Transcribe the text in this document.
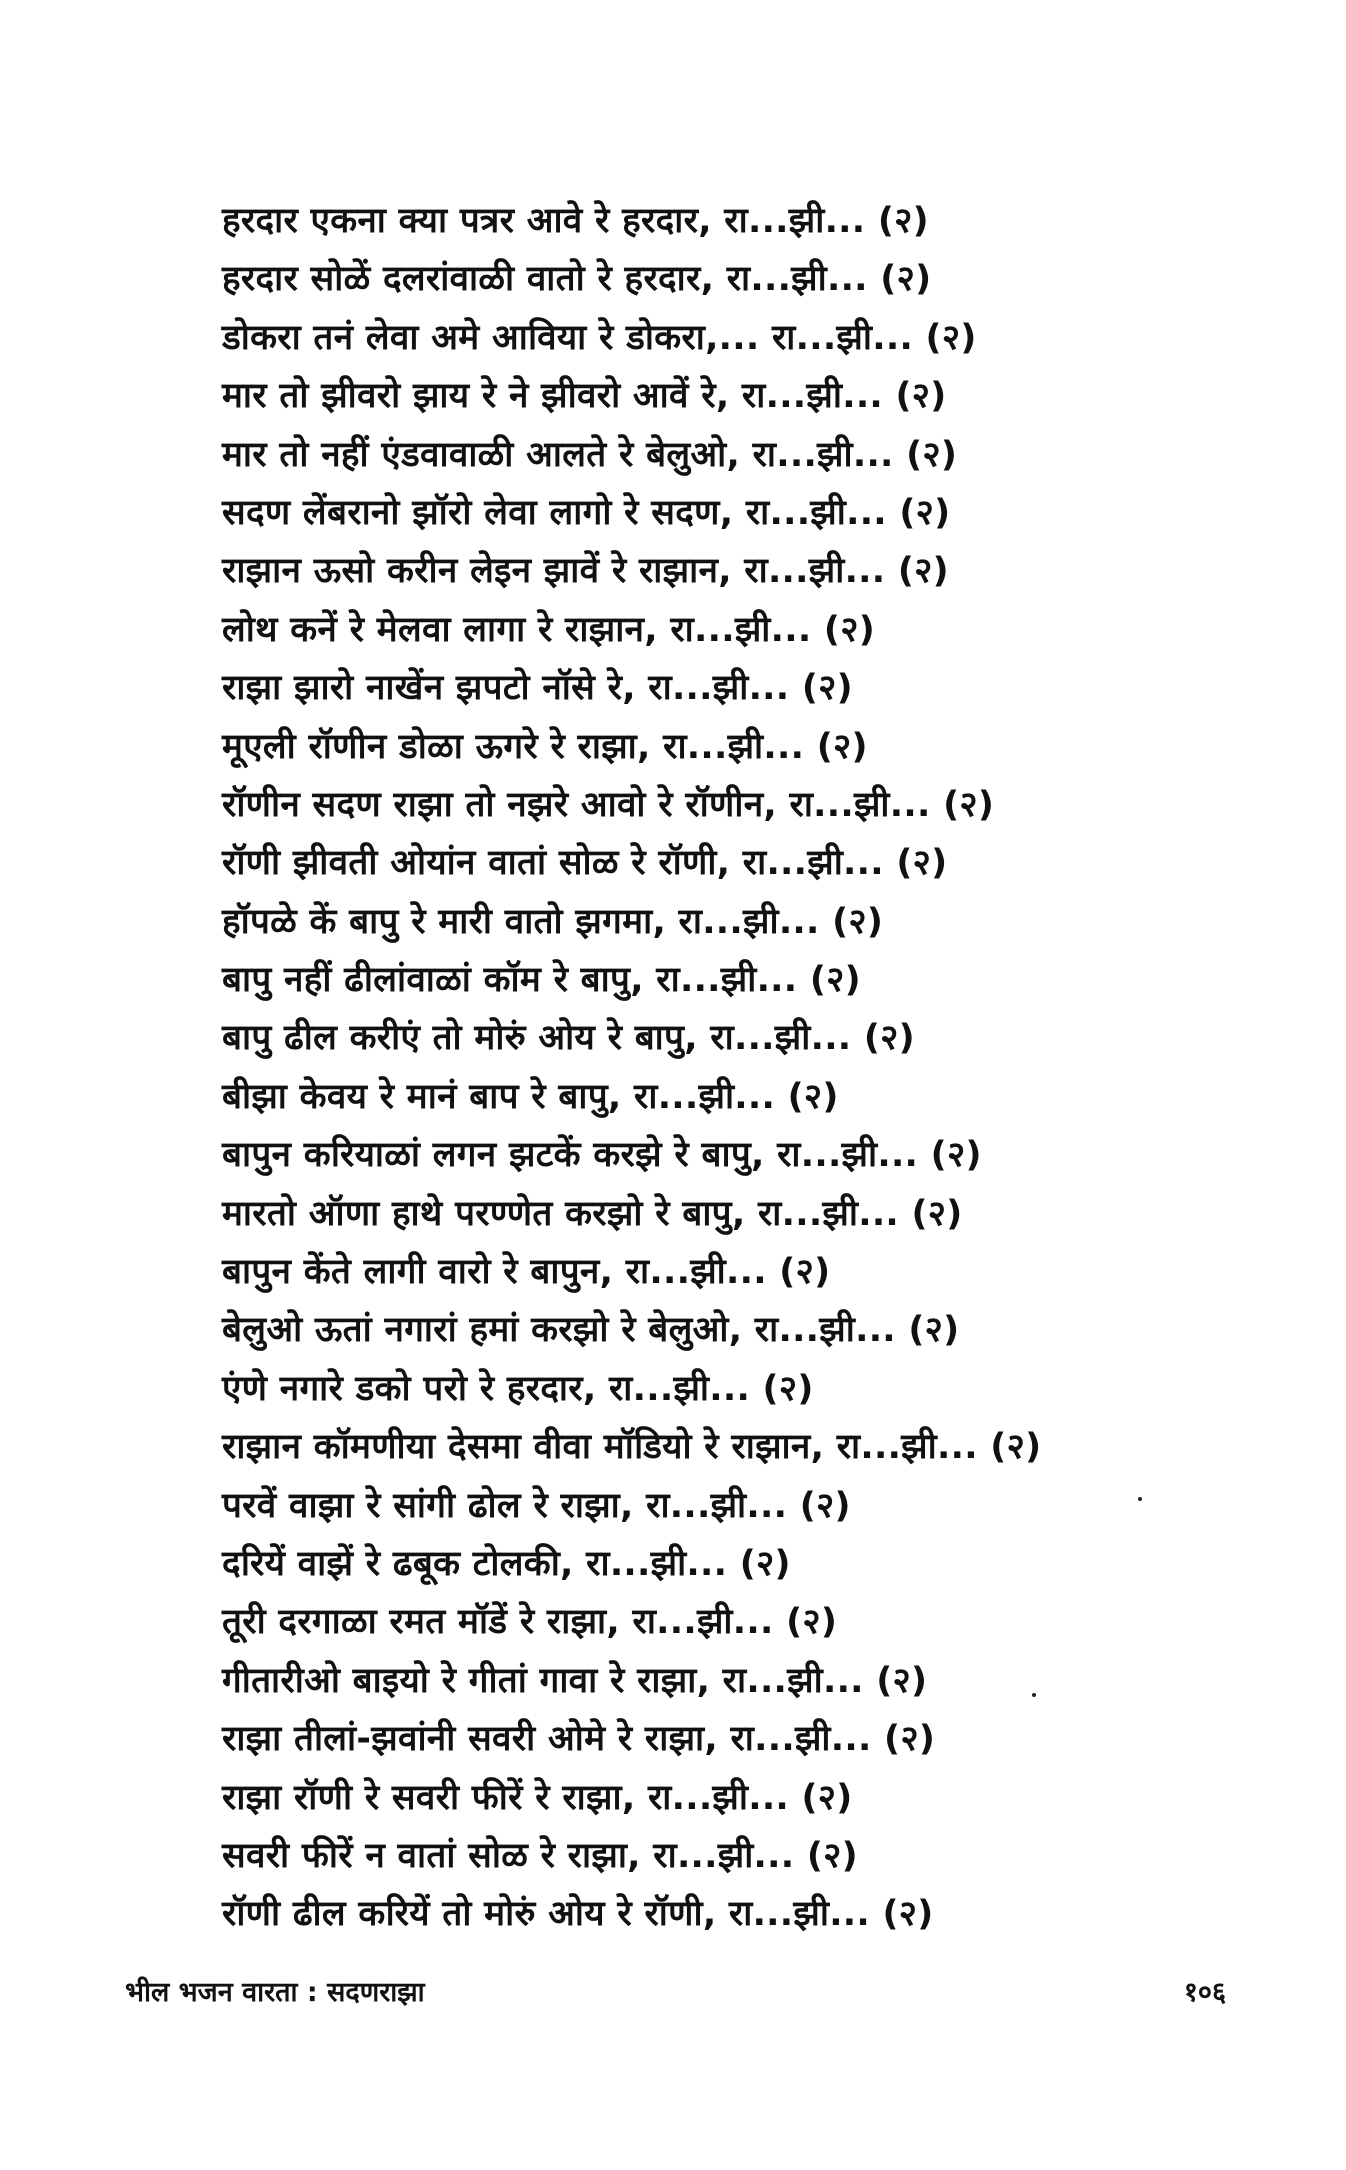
हरदार एकना क्या पत्रर आवे रे हरदार, रा...झी... (२)
हरदार सोळें दलरांवाळी वातो रे हरदार, रा...झी... (२)
डोकरा तनं लेवा अमे आविया रे डोकरा,... रा...झी... (२)
मार तो झीवरो झाय रे ने झीवरो आवें रे, रा...झी... (२)
मार तो नहीं एंडवावाळी आलते रे बेलुओ, रा...झी... (२)
सदण लेंबरानो झॉरो लेवा लागो रे सदण, रा...झी... (२)
राझान ऊसो करीन लेइन झावें रे राझान, रा...झी... (२)
लोथ कनें रे मेलवा लागा रे राझान, रा...झी... (२)
राझा झारो नाखेंन झपटो नॉसे रे, रा...झी... (२)
मूएली रॉणीन डोळा ऊगरे रे राझा, रा...झी... (२)
रॉणीन सदण राझा तो नझरे आवो रे रॉणीन, रा...झी... (२)
रॉणी झीवती ओयांन वातां सोळ रे रॉणी, रा...झी... (२)
हॉपळे कें बापु रे मारी वातो झगमा, रा...झी... (२)
बापु नहीं ढीलांवाळां कॉम रे बापु, रा...झी... (२)
बापु ढील करीएं तो मोरुं ओय रे बापु, रा...झी... (२)
बीझा केवय रे मानं बाप रे बापु, रा...झी... (२)
बापुन करियाळां लगन झटकें करझे रे बापु, रा...झी... (२)
मारतो ऑणा हाथे परण्णेत करझो रे बापु, रा...झी... (२)
बापुन केंते लागी वारो रे बापुन, रा...झी... (२)
बेलुओ ऊतां नगारां हमां करझो रे बेलुओ, रा...झी... (२)
एंणे नगारे डको परो रे हरदार, रा...झी... (२)
राझान कॉमणीया देसमा वीवा मॉडियो रे राझान, रा...झी... (२)
परवें वाझा रे सांगी ढोल रे राझा, रा...झी... (२)
दरियें वाझें रे ढबूक टोलकी, रा...झी... (२)
तूरी दरगाळा रमत मॉडें रे राझा, रा...झी... (२)
गीतारीओ बाइयो रे गीतां गावा रे राझा, रा...झी... (२)
राझा तीलां-झवांनी सवरी ओमे रे राझा, रा...झी... (२)
राझा रॉणी रे सवरी फीरें रे राझा, रा...झी... (२)
सवरी फीरें न वातां सोळ रे राझा, रा...झी... (२)
रॉणी ढील करियें तो मोरुं ओय रे रॉणी, रा...झी... (२)
भील भजन वारता : सदणराझा	१०६
